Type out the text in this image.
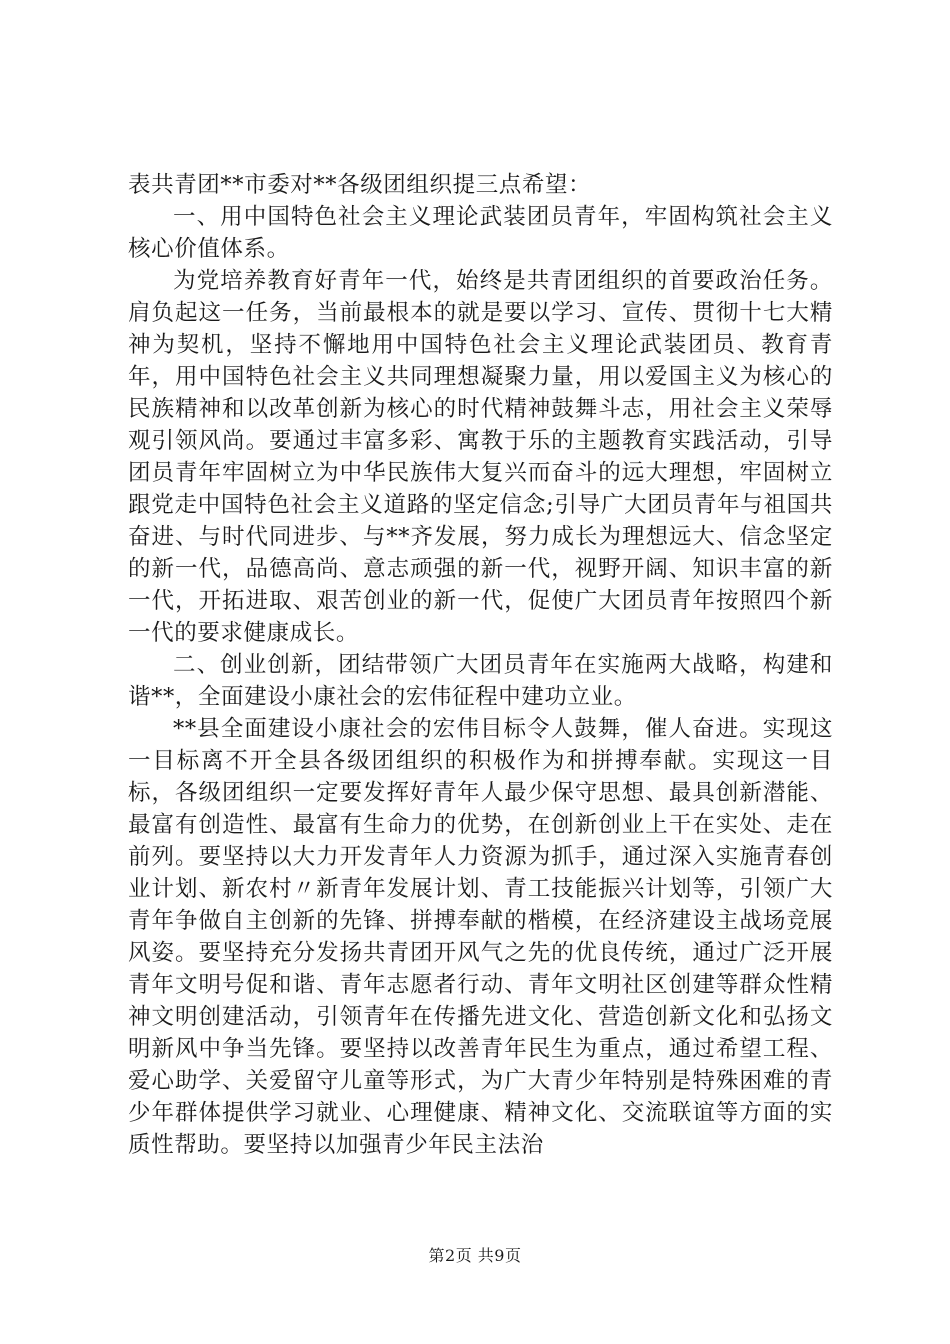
表共青团**市委对**各级团组织提三点希望：

一、用中国特色社会主义理论武装团员青年，牢固构筑社会主义核心价值体系。

为党培养教育好青年一代，始终是共青团组织的首要政治任务。肩负起这一任务，当前最根本的就是要以学习、宣传、贯彻十七大精神为契机，坚持不懈地用中国特色社会主义理论武装团员、教育青年，用中国特色社会主义共同理想凝聚力量，用以爱国主义为核心的民族精神和以改革创新为核心的时代精神鼓舞斗志，用社会主义荣辱观引领风尚。要通过丰富多彩、寓教于乐的主题教育实践活动，引导团员青年牢固树立为中华民族伟大复兴而奋斗的远大理想，牢固树立跟党走中国特色社会主义道路的坚定信念;引导广大团员青年与祖国共奋进、与时代同进步、与**齐发展，努力成长为理想远大、信念坚定的新一代，品德高尚、意志顽强的新一代，视野开阔、知识丰富的新一代，开拓进取、艰苦创业的新一代，促使广大团员青年按照四个新一代的要求健康成长。

二、创业创新，团结带领广大团员青年在实施两大战略，构建和谐**，全面建设小康社会的宏伟征程中建功立业。

**县全面建设小康社会的宏伟目标令人鼓舞，催人奋进。实现这一目标离不开全县各级团组织的积极作为和拼搏奉献。实现这一目标，各级团组织一定要发挥好青年人最少保守思想、最具创新潜能、最富有创造性、最富有生命力的优势，在创新创业上干在实处、走在前列。要坚持以大力开发青年人力资源为抓手，通过深入实施青春创业计划、新农村〃新青年发展计划、青工技能振兴计划等，引领广大青年争做自主创新的先锋、拼搏奉献的楷模，在经济建设主战场竞展风姿。要坚持充分发扬共青团开风气之先的优良传统，通过广泛开展青年文明号促和谐、青年志愿者行动、青年文明社区创建等群众性精神文明创建活动，引领青年在传播先进文化、营造创新文化和弘扬文明新风中争当先锋。要坚持以改善青年民生为重点，通过希望工程、爱心助学、关爱留守儿童等形式，为广大青少年特别是特殊困难的青少年群体提供学习就业、心理健康、精神文化、交流联谊等方面的实质性帮助。要坚持以加强青少年民主法治

第2页 共9页
